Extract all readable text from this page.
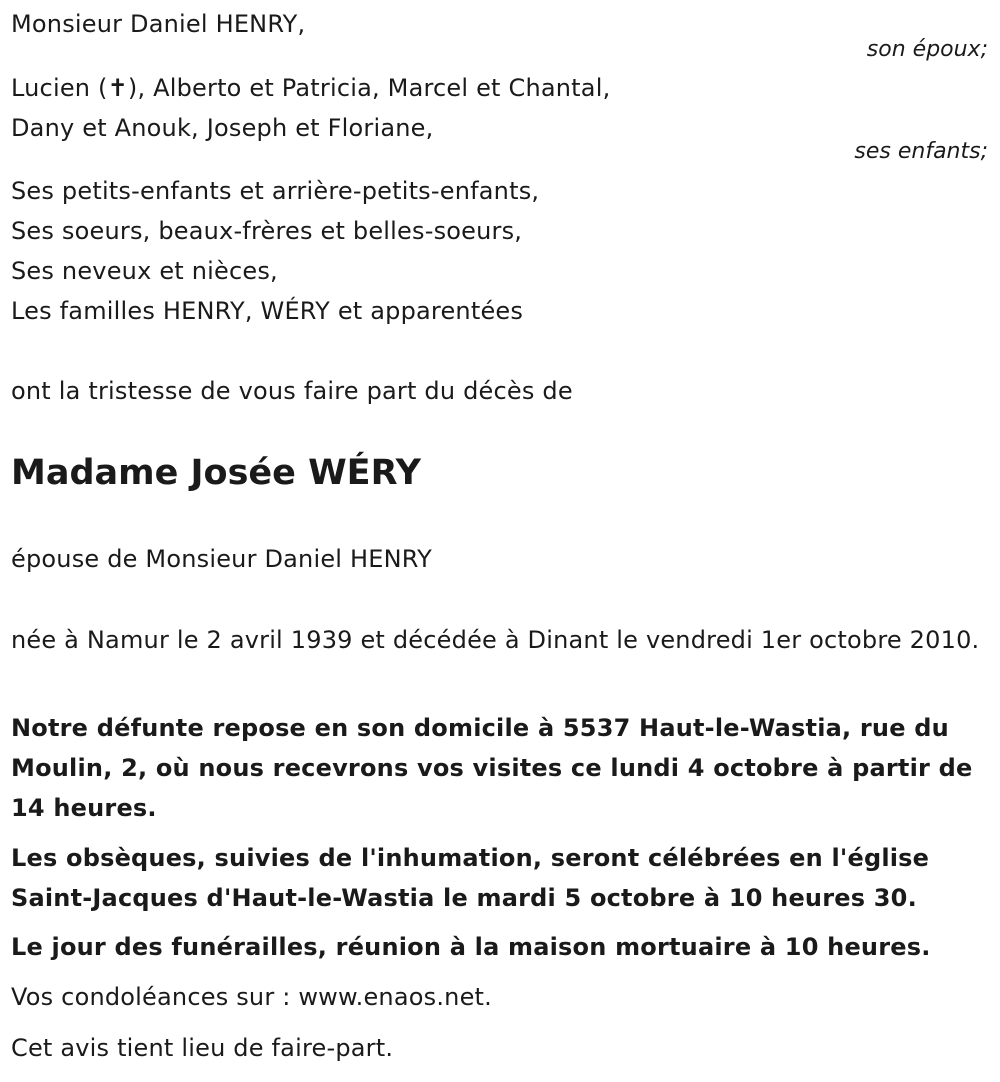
Monsieur Daniel HENRY,
son époux;
Lucien (✝), Alberto et Patricia, Marcel et Chantal,
Dany et Anouk, Joseph et Floriane,
ses enfants;
Ses petits-enfants et arrière-petits-enfants,
Ses soeurs, beaux-frères et belles-soeurs,
Ses neveux et nièces,
Les familles HENRY, WÉRY et apparentées
ont la tristesse de vous faire part du décès de
Madame Josée WÉRY
épouse de Monsieur Daniel HENRY
née à Namur le 2 avril 1939 et décédée à Dinant le vendredi 1er octobre 2010.
Notre défunte repose en son domicile à 5537 Haut-le-Wastia, rue du Moulin, 2, où nous recevrons vos visites ce lundi 4 octobre à partir de 14 heures.
Les obsèques, suivies de l'inhumation, seront célébrées en l'église Saint-Jacques d'Haut-le-Wastia le mardi 5 octobre à 10 heures 30.
Le jour des funérailles, réunion à la maison mortuaire à 10 heures.
Vos condoléances sur : www.enaos.net.
Cet avis tient lieu de faire-part.
